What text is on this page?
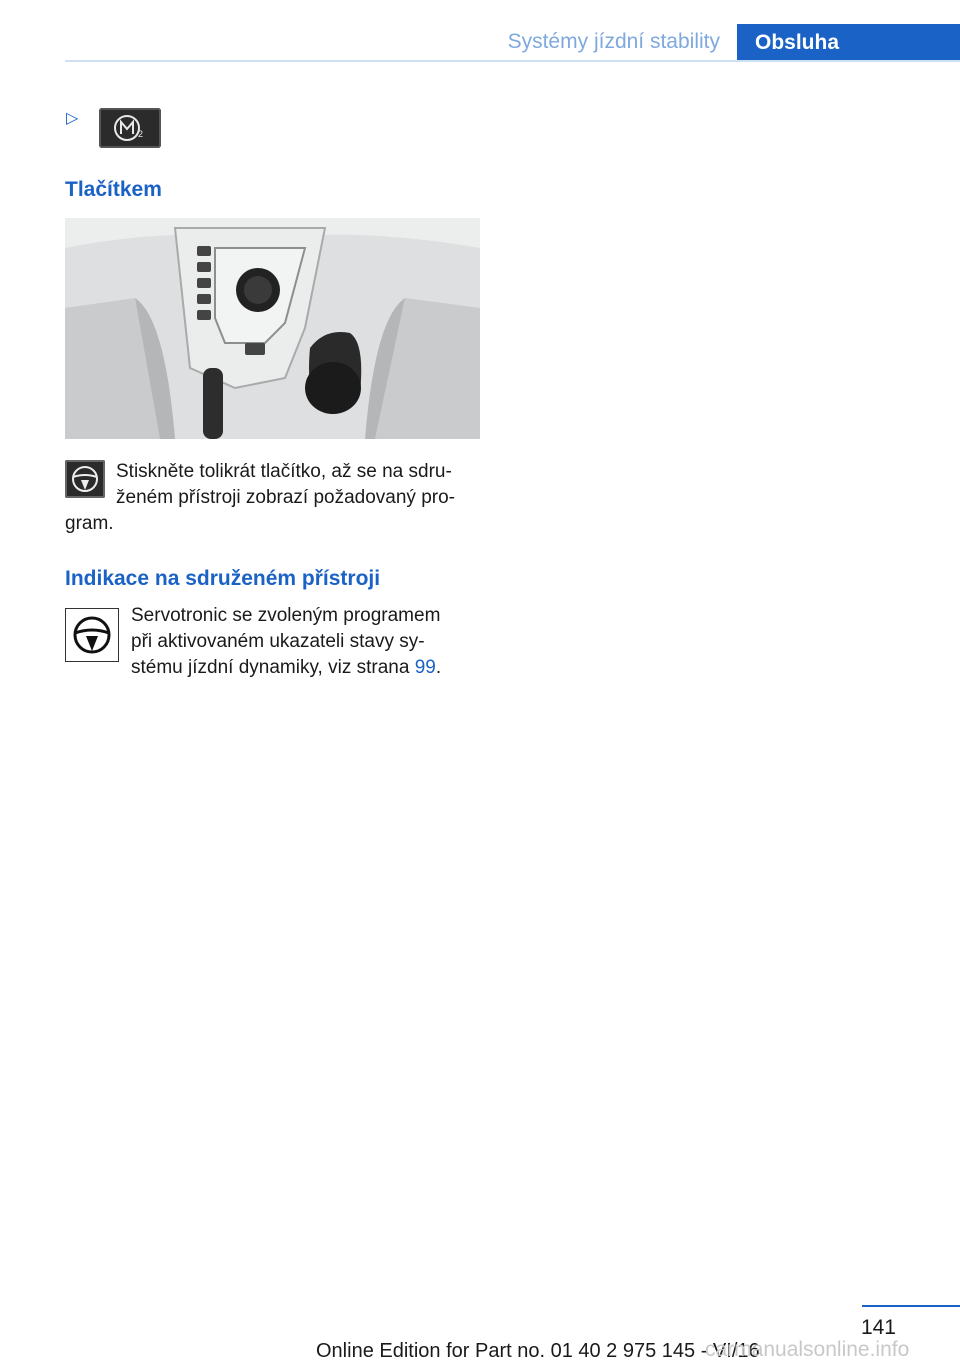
Systémy jízdní stability	Obsluha
▷
2
Tlačítkem
Stiskněte tolikrát tlačítko, až se na sdru-
ženém přístroji zobrazí požadovaný pro-
gram.
Indikace na sdruženém přístroji
Servotronic se zvoleným programem
při aktivovaném ukazateli stavy sy-
stému jízdní dynamiky, viz strana 99.
141
Online Edition for Part no. 01 40 2 975 145 - VI/16
carmanualsonline.info
